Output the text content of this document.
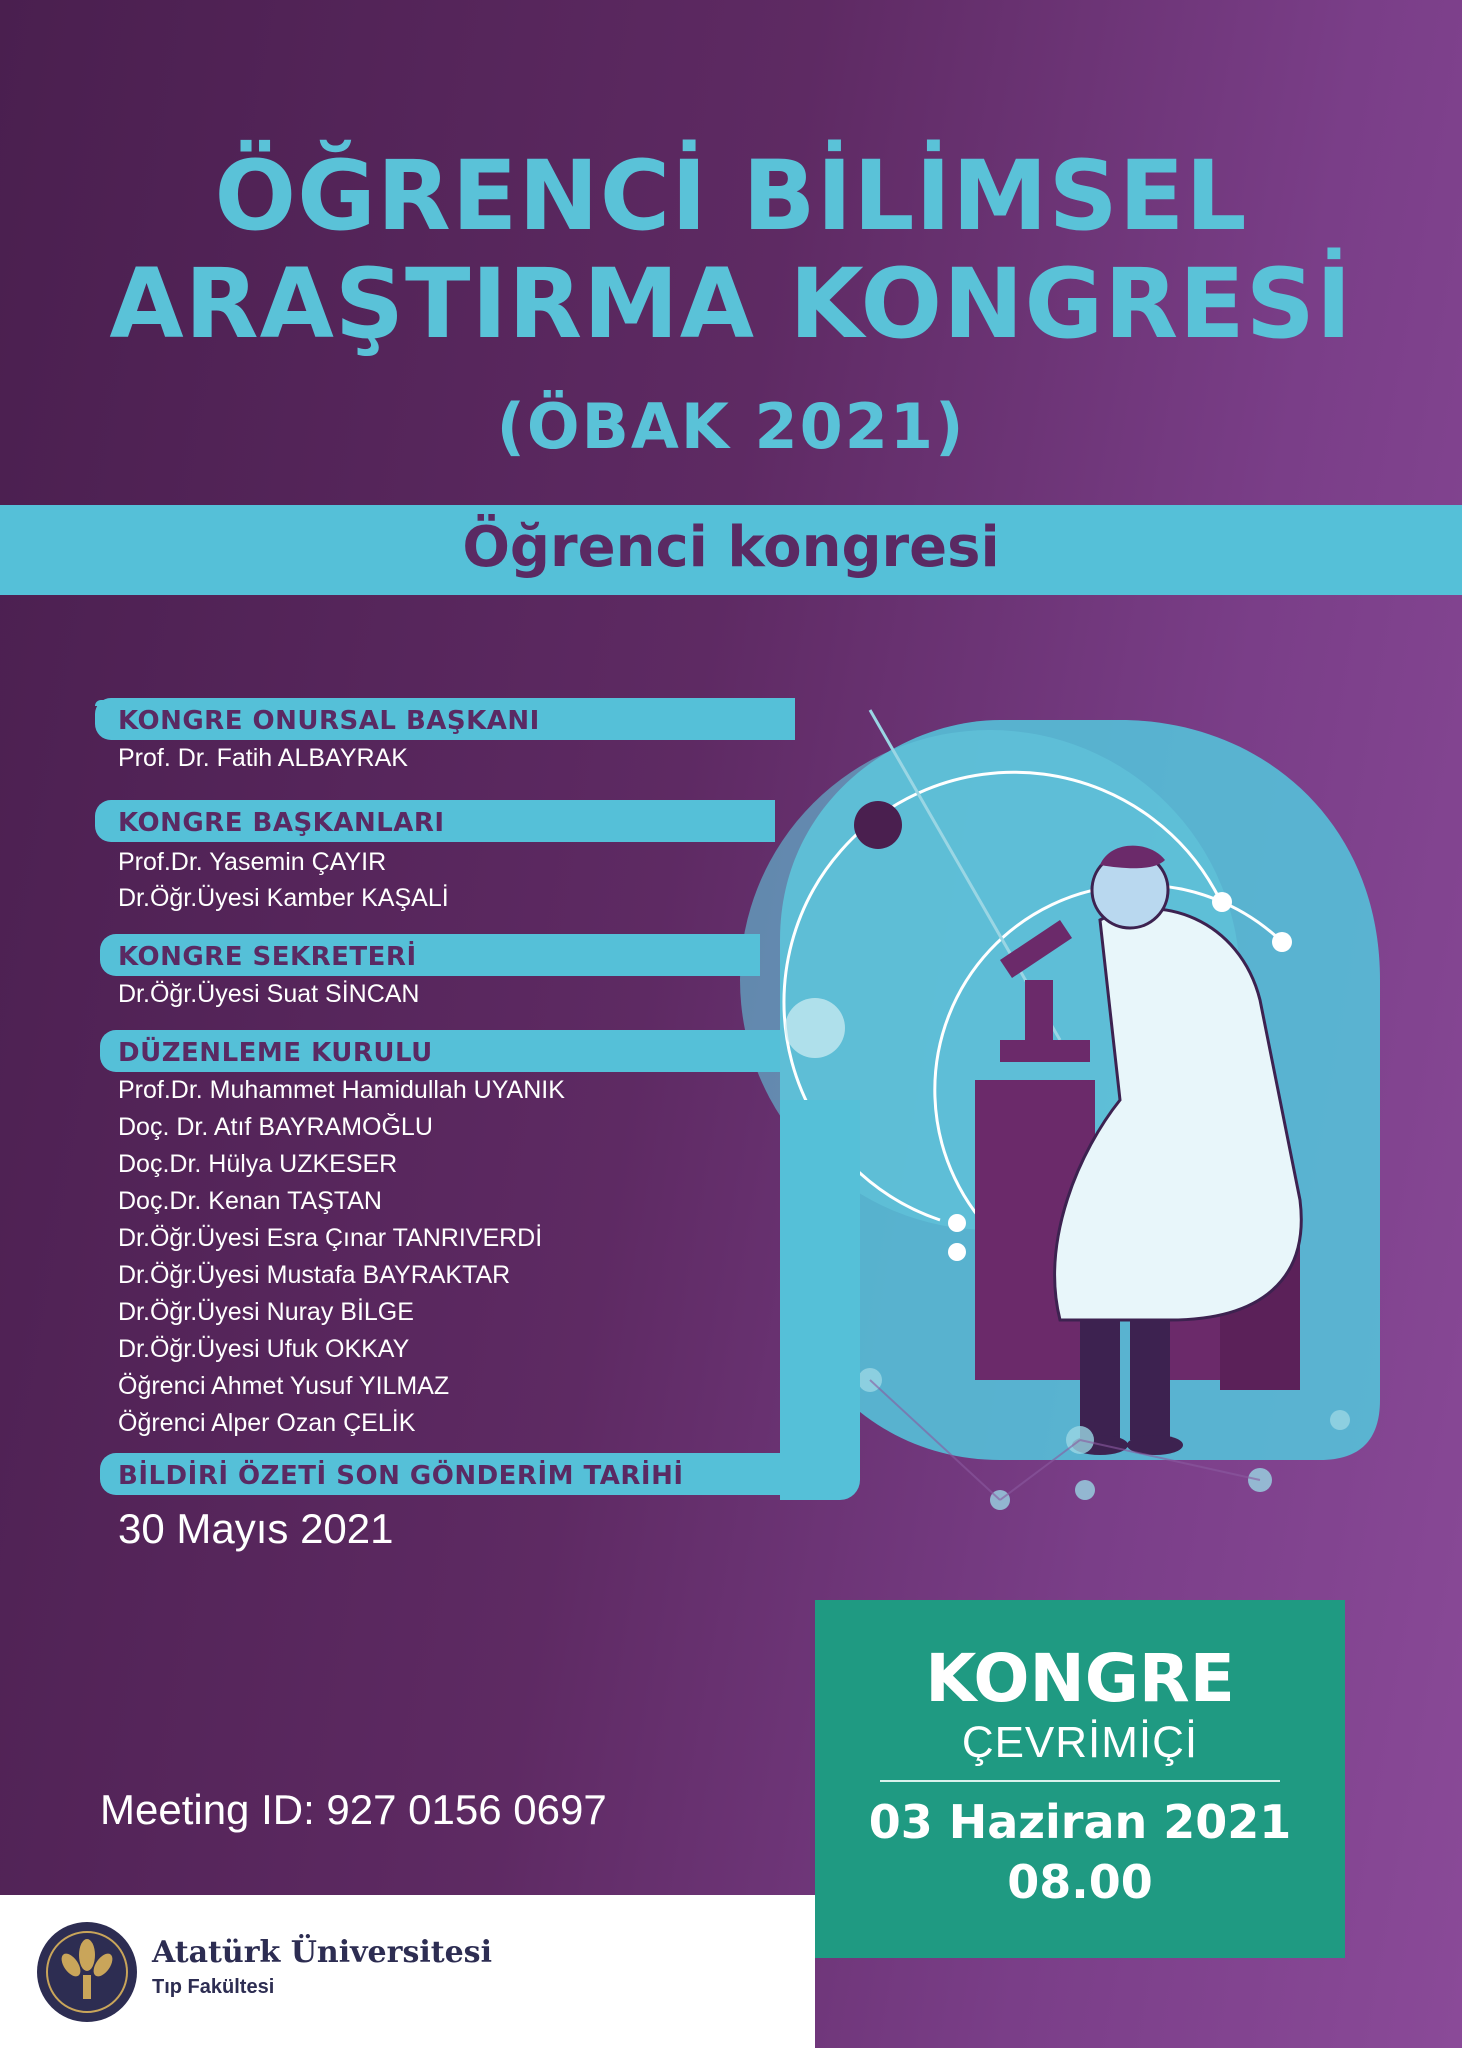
ÖĞRENCİ BİLİMSEL
ARAŞTIRMA KONGRESİ
(ÖBAK 2021)
Öğrenci kongresi
KONGRE ONURSAL BAŞKANI
Prof. Dr. Fatih ALBAYRAK
KONGRE BAŞKANLARI
Prof.Dr. Yasemin ÇAYIR
Dr.Öğr.Üyesi Kamber KAŞALİ
KONGRE SEKRETERİ
Dr.Öğr.Üyesi Suat SİNCAN
DÜZENLEME KURULU
Prof.Dr. Muhammet Hamidullah UYANIK
Doç. Dr. Atıf BAYRAMOĞLU
Doç.Dr. Hülya UZKESER
Doç.Dr. Kenan TAŞTAN
Dr.Öğr.Üyesi Esra Çınar TANRIVERDİ
Dr.Öğr.Üyesi Mustafa BAYRAKTAR
Dr.Öğr.Üyesi Nuray BİLGE
Dr.Öğr.Üyesi Ufuk OKKAY
Öğrenci Ahmet Yusuf YILMAZ
Öğrenci Alper Ozan ÇELİK
BİLDİRİ ÖZETİ SON GÖNDERİM TARİHİ
30 Mayıs 2021
Meeting ID: 927 0156 0697
KONGRE
ÇEVRİMİÇİ
03 Haziran 2021
08.00
Atatürk Üniversitesi
Tıp Fakültesi
